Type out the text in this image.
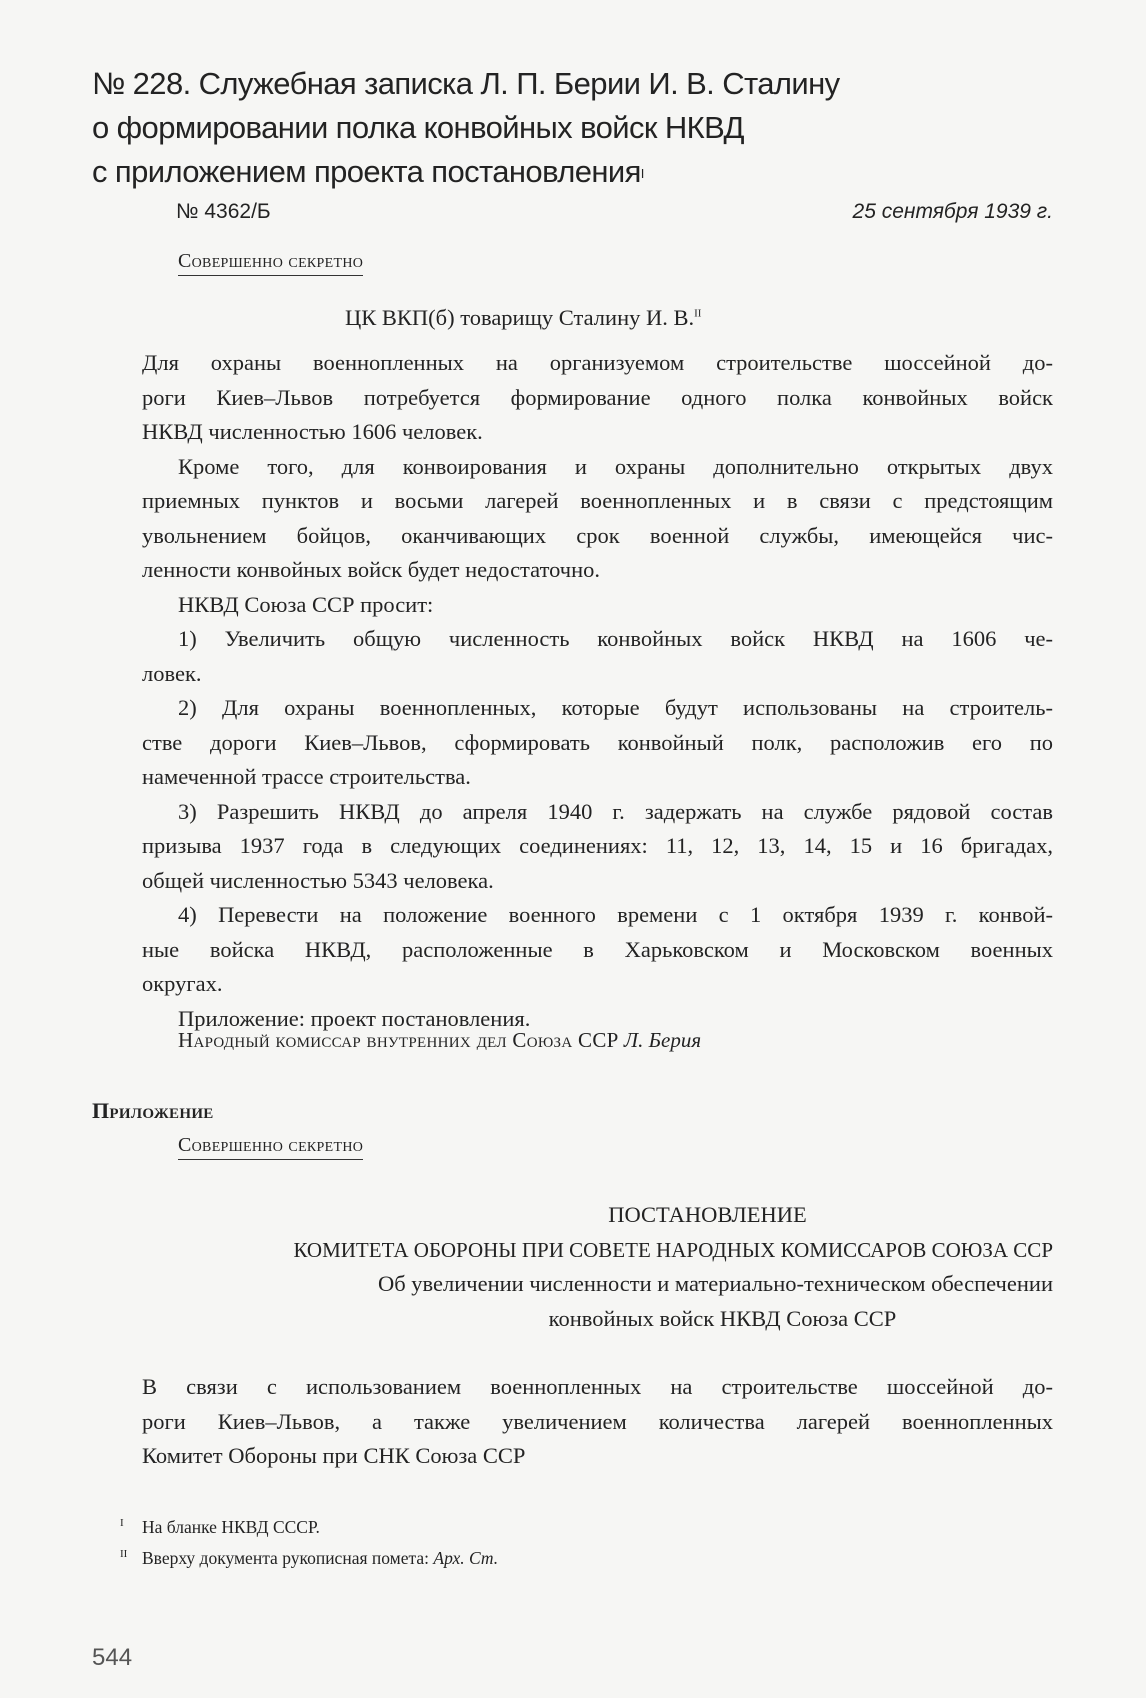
№ 228. Служебная записка Л. П. Берии И. В. Сталину
о формировании полка конвойных войск НКВД
с приложением проекта постановления$^I$
№ 4362/Б	25 сентября 1939 г.
Совершенно секретно
ЦК ВКП(б) товарищу Сталину И. В.$^{II}$
Для охраны военнопленных на организуемом строительстве шоссейной до-
роги Киев–Львов потребуется формирование одного полка конвойных войск
НКВД численностью 1606 человек.
Кроме того, для конвоирования и охраны дополнительно открытых двух
приемных пунктов и восьми лагерей военнопленных и в связи с предстоящим
увольнением бойцов, оканчивающих срок военной службы, имеющейся чис-
ленности конвойных войск будет недостаточно.
НКВД Союза ССР просит:
1) Увеличить общую численность конвойных войск НКВД на 1606 че-
ловек.
2) Для охраны военнопленных, которые будут использованы на строитель-
стве дороги Киев–Львов, сформировать конвойный полк, расположив его по
намеченной трассе строительства.
3) Разрешить НКВД до апреля 1940 г. задержать на службе рядовой состав
призыва 1937 года в следующих соединениях: 11, 12, 13, 14, 15 и 16 бригадах,
общей численностью 5343 человека.
4) Перевести на положение военного времени с 1 октября 1939 г. конвой-
ные войска НКВД, расположенные в Харьковском и Московском военных
округах.
Приложение: проект постановления.
Народный комиссар внутренних дел Союза ССР Л. Берия
Приложение
Совершенно секретно
ПОСТАНОВЛЕНИЕ
КОМИТЕТА ОБОРОНЫ ПРИ СОВЕТЕ НАРОДНЫХ КОМИССАРОВ СОЮЗА ССР
Об увеличении численности и материально-техническом обеспечении
конвойных войск НКВД Союза ССР
В связи с использованием военнопленных на строительстве шоссейной до-
роги Киев–Львов, а также увеличением количества лагерей военнопленных
Комитет Обороны при СНК Союза ССР
I На бланке НКВД СССР.
II Вверху документа рукописная помета: Арх. Ст.
544
